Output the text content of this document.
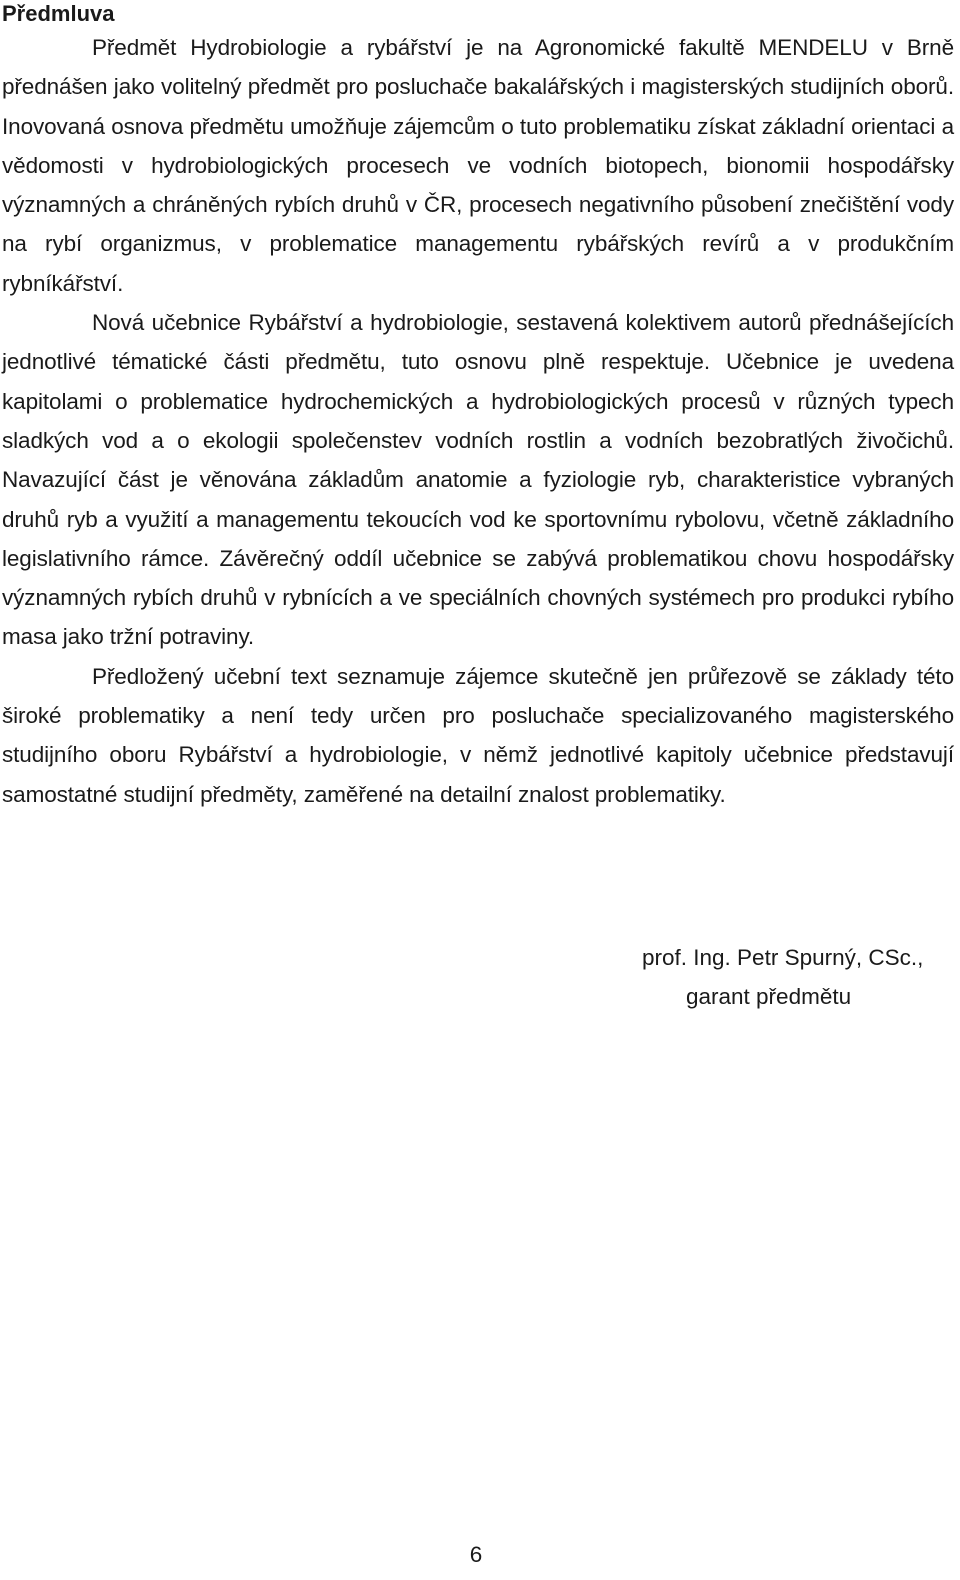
Předmluva

Předmět Hydrobiologie a rybářství je na Agronomické fakultě MENDELU v Brně přednášen jako volitelný předmět pro posluchače bakalářských i magisterských studijních oborů. Inovovaná osnova předmětu umožňuje zájemcům o tuto problematiku získat základní orientaci a vědomosti v hydrobiologických procesech ve vodních biotopech, bionomii hospodářsky významných a chráněných rybích druhů v ČR, procesech negativního působení znečištění vody na rybí organizmus, v problematice managementu rybářských revírů a v produkčním rybníkářství.

Nová učebnice Rybářství a hydrobiologie, sestavená kolektivem autorů přednášejících jednotlivé tématické části předmětu, tuto osnovu plně respektuje. Učebnice je uvedena kapitolami o problematice hydrochemických a hydrobiologických procesů v různých typech sladkých vod a o ekologii společenstev vodních rostlin a vodních bezobratlých živočichů. Navazující část je věnována základům anatomie a fyziologie ryb, charakteristice vybraných druhů ryb a využití a managementu tekoucích vod ke sportovnímu rybolovu, včetně základního legislativního rámce. Závěrečný oddíl učebnice se zabývá problematikou chovu hospodářsky významných rybích druhů v rybnících a ve speciálních chovných systémech pro produkci rybího masa jako tržní potraviny.

Předložený učební text seznamuje zájemce skutečně jen průřezově se základy této široké problematiky a není tedy určen pro posluchače specializovaného magisterského studijního oboru Rybářství a hydrobiologie, v němž jednotlivé kapitoly učebnice představují samostatné studijní předměty, zaměřené na detailní znalost problematiky.

prof. Ing. Petr Spurný, CSc.,
garant předmětu
6
